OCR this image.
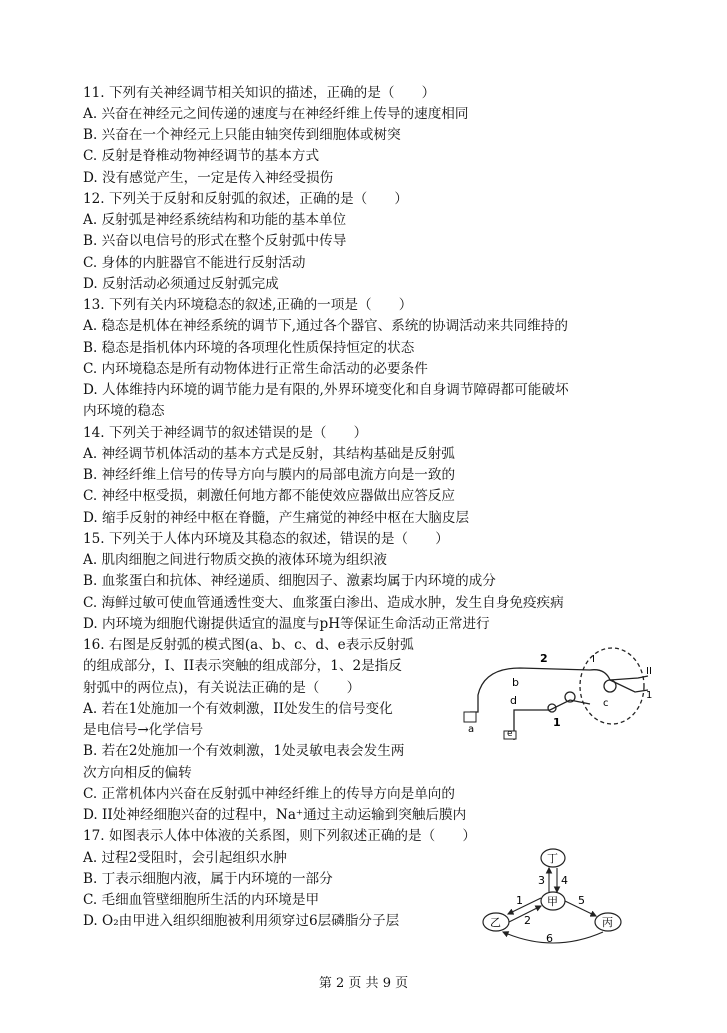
11. 下列有关神经调节相关知识的描述，正确的是（　　）
A. 兴奋在神经元之间传递的速度与在神经纤维上传导的速度相同
B. 兴奋在一个神经元上只能由轴突传到细胞体或树突
C. 反射是脊椎动物神经调节的基本方式
D. 没有感觉产生，一定是传入神经受损伤
12. 下列关于反射和反射弧的叙述，正确的是（　　）
A. 反射弧是神经系统结构和功能的基本单位
B. 兴奋以电信号的形式在整个反射弧中传导
C. 身体的内脏器官不能进行反射活动
D. 反射活动必须通过反射弧完成
13. 下列有关内环境稳态的叙述,正确的一项是（　　）
A. 稳态是机体在神经系统的调节下,通过各个器官、系统的协调活动来共同维持的
B. 稳态是指机体内环境的各项理化性质保持恒定的状态
C. 内环境稳态是所有动物体进行正常生命活动的必要条件
D. 人体维持内环境的调节能力是有限的,外界环境变化和自身调节障碍都可能破坏
内环境的稳态
14. 下列关于神经调节的叙述错误的是（　　）
A. 神经调节机体活动的基本方式是反射，其结构基础是反射弧
B. 神经纤维上信号的传导方向与膜内的局部电流方向是一致的
C. 神经中枢受损，刺激任何地方都不能使效应器做出应答反应
D. 缩手反射的神经中枢在脊髓，产生痛觉的神经中枢在大脑皮层
15. 下列关于人体内环境及其稳态的叙述，错误的是（　　）
A. 肌肉细胞之间进行物质交换的液体环境为组织液
B. 血浆蛋白和抗体、神经递质、细胞因子、激素均属于内环境的成分
C. 海鲜过敏可使血管通透性变大、血浆蛋白渗出、造成水肿，发生自身免疫疾病
D. 内环境为细胞代谢提供适宜的温度与pH等保证生命活动正常进行
16. 右图是反射弧的模式图(a、b、c、d、e表示反射弧
的组成部分，I、II表示突触的组成部分，1、2是指反
射弧中的两位点)，有关说法正确的是（　　）
A. 若在1处施加一个有效刺激，II处发生的信号变化
是电信号→化学信号
B. 若在2处施加一个有效刺激，1处灵敏电表会发生两
次方向相反的偏转
C. 正常机体内兴奋在反射弧中神经纤维上的传导方向是单向的
D. II处神经细胞兴奋的过程中，Na⁺通过主动运输到突触后膜内
17. 如图表示人体中体液的关系图，则下列叙述正确的是（　　）
A. 过程2受阻时，会引起组织水肿
B. 丁表示细胞内液，属于内环境的一部分
C. 毛细血管壁细胞所生活的内环境是甲
D. O₂由甲进入组织细胞被利用须穿过6层磷脂分子层
a
b
c
d
e
I
II
1
2
1
丁
甲
乙	丙
3 4
1
2
5
6
第 2 页 共 9 页
